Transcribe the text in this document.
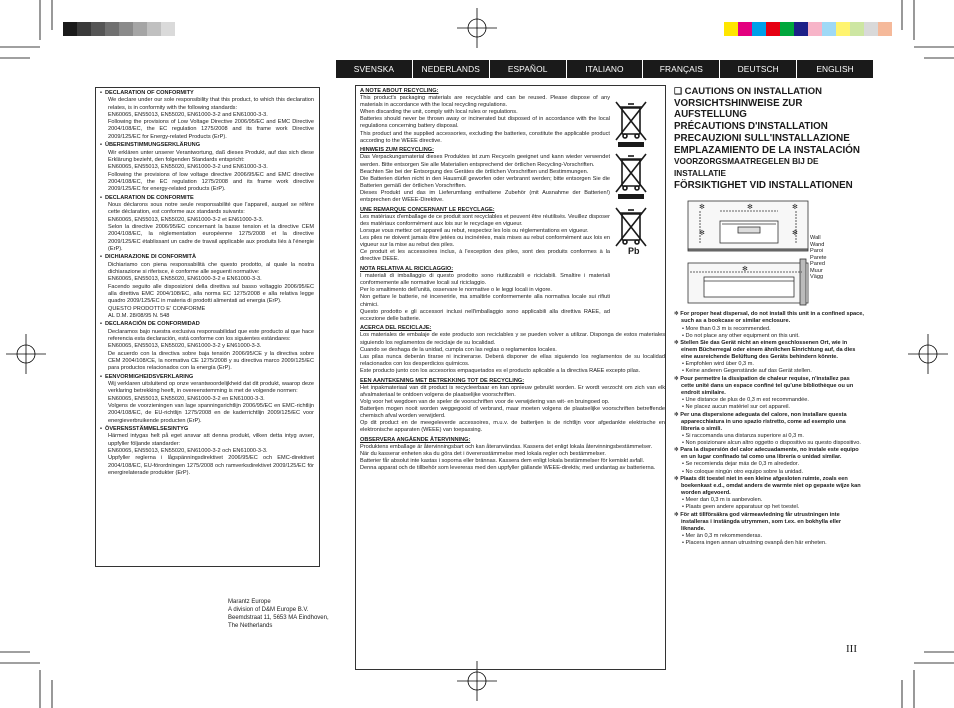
SVENSKA	NEDERLANDS	ESPAÑOL	ITALIANO	FRANÇAIS	DEUTSCH	ENGLISH
• DECLARATION OF CONFORMITY
We declare under our sole responsibility that this product, to which this declaration relates, is in conformity with the following standards:
EN60065, EN55013, EN55020, EN61000-3-2 and EN61000-3-3.
Following the provisions of Low Voltage Directive 2006/95/EC and EMC Directive 2004/108/EC, the EC regulation 1275/2008 and its frame work Directive 2009/125/EC for Energy-related Products (ErP).
• ÜBEREINSTIMMUNGSERKLÄRUNG
Wir erklären unter unserer Verantwortung, daß dieses Produkt, auf das sich diese Erklärung bezieht, den folgenden Standards entspricht:
EN60065, EN55013, EN55020, EN61000-3-2 und EN61000-3-3.
Following the provisions of low voltage directive 2006/95/EC and EMC directive 2004/108/EC, the EC regulation 1275/2008 and its frame work directive 2009/125/EC for energy-related products (ErP).
• DECLARATION DE CONFORMITE
Nous déclarons sous notre seule responsabilité que l'appareil, auquel se réfère cette déclaration, est conforme aux standards suivants:
EN60065, EN55013, EN55020, EN61000-3-2 et EN61000-3-3.
Selon la directive 2006/95/EC concernant la basse tension et la directive CEM 2004/108/EC, la réglementation européenne 1275/2008 et la directive 2009/125/EC établissant un cadre de travail applicable aux produits liés à l'énergie (ErP).
• DICHIARAZIONE DI CONFORMITÀ
Dichiariamo con piena responsabilità che questo prodotto, al quale la nostra dichiarazione si riferisce, è conforme alle seguenti normative:
EN60065, EN55013, EN55020, EN61000-3-2 e EN61000-3-3.
Facendo seguito alle disposizioni della direttiva sul basso voltaggio 2006/95/EC alla direttiva EMC 2004/108/EC, alla norma EC 1275/2008 e alla relativa legge quadro 2009/125/EC in materia di prodotti alimentati ad energia (ErP).
QUESTO PRODOTTO E' CONFORME
AL D.M. 28/08/95 N. 548
• DECLARACIÓN DE CONFORMIDAD
Declaramos bajo nuestra exclusiva responsabilidad que este producto al que hace referencia esta declaración, está conforme con los siguientes estándares:
EN60065, EN55013, EN55020, EN61000-3-2 y EN61000-3-3.
De acuerdo con la directiva sobre baja tensión 2006/95/CE y la directiva sobre CEM 2004/108/CE, la normativa CE 1275/2008 y su directiva marco 2009/125/EC para productos relacionados con la energía (ErP).
• EENVORMIGHEIDSVERKLARING
Wij verklaren uitsluitend op onze verantwoordelijkheid dat dit produkt, waarop deze verklaring betrekking heeft, in overeenstemming is met de volgende normen:
EN60065, EN55013, EN55020, EN61000-3-2 en EN61000-3-3.
Volgens de voorzieningen van lage spanningsrichtlijn 2006/95/EC en EMC-richtlijn 2004/108/EC, de EU-richtlijn 1275/2008 en de kaderrichtlijn 2009/125/EC voor energieverbruikende producten (ErP).
• ÖVERENSSTÄMMELSESINTYG
Härmed intygas helt på eget ansvar att denna produkt, vilken detta intyg avser, uppfyller följande standarder:
EN60065, EN55013, EN55020, EN61000-3-2 och EN61000-3-3.
Uppfyller reglerna i lågspänningsdirektivet 2006/95/EC och EMC-direktivet 2004/108/EC, EU-förordningen 1275/2008 och ramverksdirektivet 2009/125/EC för energirelaterade produkter (ErP).
Marantz Europe
A division of D&M Europe B.V.
Beemdstraat 11, 5653 MA Eindhoven,
The Netherlands
A NOTE ABOUT RECYCLING:
This product's packaging materials are recyclable and can be reused. Please dispose of any materials in accordance with the local recycling regulations.
When discarding the unit, comply with local rules or regulations.
Batteries should never be thrown away or incinerated but disposed of in accordance with the local regulations concerning battery disposal.
This product and the supplied accessories, excluding the batteries, constitute the applicable product according to the WEEE directive.
HINWEIS ZUM RECYCLING:
Das Verpackungsmaterial dieses Produktes ist zum Recyceln geeignet und kann wieder verwendet werden. Bitte entsorgen Sie alle Materialien entsprechend der örtlichen Recycling-Vorschriften.
Beachten Sie bei der Entsorgung des Gerätes die örtlichen Vorschriften und Bestimmungen.
Die Batterien dürfen nicht in den Hausmüll geworfen oder verbrannt werden; bitte entsorgen Sie die Batterien gemäß der örtlichen Vorschriften.
Dieses Produkt und das im Lieferumfang enthaltene Zubehör (mit Ausnahme der Batterien!) entsprechen der WEEE-Direktive.
UNE REMARQUE CONCERNANT LE RECYCLAGE:
Les matériaux d'emballage de ce produit sont recyclables et peuvent être réutilisés. Veuillez disposer des matériaux conformément aux lois sur le recyclage en vigueur.
Lorsque vous mettez cet appareil au rebut, respectez les lois ou réglementations en vigueur.
Les piles ne doivent jamais être jetées ou incinérées, mais mises au rebut conformément aux lois en vigueur sur la mise au rebut des piles.
Ce produit et les accessoires inclus, à l'exception des piles, sont des produits conformes à la directive DEEE.
NOTA RELATIVA AL RICICLAGGIO:
I materiali di imballaggio di questo prodotto sono riutilizzabili e riciclabili. Smaltire i materiali conformemente alle normative locali sul riciclaggio.
Per lo smaltimento dell'unità, osservare le normative o le leggi locali in vigore.
Non gettare le batterie, né incenerirle, ma smaltirle conformemente alla normativa locale sui rifiuti chimici.
Questo prodotto e gli accessori inclusi nell'imballaggio sono applicabili alla direttiva RAEE, ad eccezione delle batterie.
ACERCA DEL RECICLAJE:
Los materiales de embalaje de este producto son reciclables y se pueden volver a utilizar. Disponga de estos materiales siguiendo los reglamentos de reciclaje de su localidad.
Cuando se deshaga de la unidad, cumpla con las reglas o reglamentos locales.
Las pilas nunca deberán tirarse ni incinerarse. Deberá disponer de ellas siguiendo los reglamentos de su localidad relacionados con los desperdicios químicos.
Este producto junto con los accesorios empaquetados es el producto aplicable a la directiva RAEE excepto pilas.
EEN AANTEKENING MET BETREKKING TOT DE RECYCLING:
Het inpakmateriaal van dit product is recycleerbaar en kan opnieuw gebruikt worden. Er wordt verzocht om zich van elk afvalmateriaal te ontdoen volgens de plaatselijke voorschriften.
Volg voor het wegdoen van de speler de voorschriften voor de verwijdering van wit- en bruingoed op.
Batterijen mogen nooit worden weggegooid of verbrand, maar moeten volgens de plaatselijke voorschriften betreffende chemisch afval worden verwijderd.
Op dit product en de meegeleverde accessoires, m.u.v. de batterijen is de richtlijn voor afgedankte elektrische en elektronische apparaten (WEEE) van toepassing.
OBSERVERA ANGÅENDE ÅTERVINNING:
Produktens emballage är återvinningsbart och kan återanvändas. Kassera det enligt lokala återvinningsbestämmelser.
När du kasserar enheten ska du göra det i överensstämmelse med lokala regler och bestämmelser.
Batterier får absolut inte kastas i soporna eller brännas. Kassera dem enligt lokala bestämmelser för kemiskt avfall.
Denna apparat och de tillbehör som levereras med den uppfyller gällande WEEE-direktiv, med undantag av batterierna.
Pb
❑ CAUTIONS ON INSTALLATION
VORSICHTSHINWEISE ZUR AUFSTELLUNG
PRÉCAUTIONS D'INSTALLATION
PRECAUZIONI SULL'INSTALLAZIONE
EMPLAZAMIENTO DE LA INSTALACIÓN
VOORZORGSMAATREGELEN BIJ DE INSTALLATIE
FÖRSIKTIGHET VID INSTALLATIONEN
✻	✻	✻
✻	✻
✻
Wall
Wand
Paroi
Parete
Pared
Muur
Vägg
✻ For proper heat dispersal, do not install this unit in a confined space, such as a bookcase or similar enclosure.
• More than 0.3 m is recommended.
• Do not place any other equipment on this unit.
✻ Stellen Sie das Gerät nicht an einem geschlossenen Ort, wie in einem Bücherregal oder einem ähnlichen Einrichtung auf, da dies eine ausreichende Belüftung des Geräts behindern könnte.
• Empfohlen wird über 0,3 m.
• Keine anderen Gegenstände auf das Gerät stellen.
✻ Pour permettre la dissipation de chaleur requise, n'installez pas cette unité dans un espace confiné tel qu'une bibliothèque ou un endroit similaire.
• Une distance de plus de 0,3 m est recommandée.
• Ne placez aucun matériel sur cet appareil.
✻ Per una dispersione adeguata del calore, non installare questa apparecchiatura in uno spazio ristretto, come ad esempio una libreria o simili.
• Si raccomanda una distanza superiore ai 0,3 m.
• Non posizionare alcun altro oggetto o dispositivo su questo dispositivo.
✻ Para la dispersión del calor adecuadamente, no instale este equipo en un lugar confinado tal como una librería o unidad similar.
• Se recomienda dejar más de 0,3 m alrededor.
• No coloque ningún otro equipo sobre la unidad.
✻ Plaats dit toestel niet in een kleine afgesloten ruimte, zoals een boekenkast e.d., omdat anders de warmte niet op gepaste wijze kan worden afgevoerd.
• Meer dan 0,3 m is aanbevolen.
• Plaats geen andere apparatuur op het toestel.
✻ För att tillförsäkra god värmeavledning får utrustningen inte installeras i instängda utrymmen, som t.ex. en bokhylla eller liknande.
• Mer än 0,3 m rekommenderas.
• Placera ingen annan utrustning ovanpå den här enheten.
III
